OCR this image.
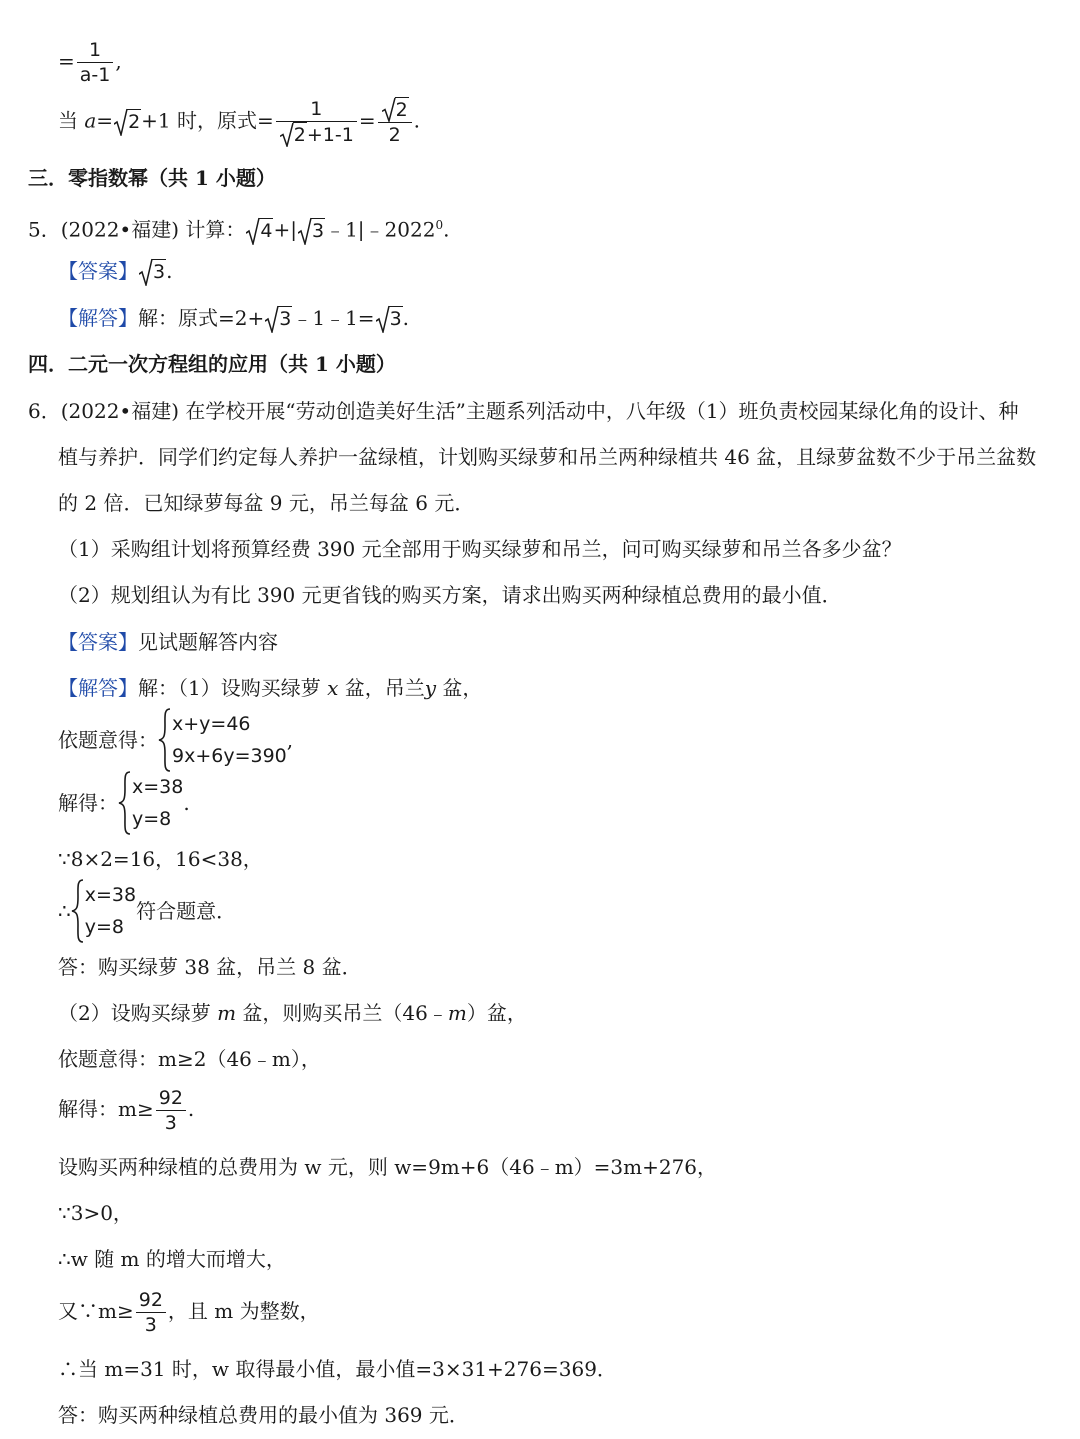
= $\frac{1}{a-1}$ ,
当 a= 2+1 时，原式= $\frac{1}{2+1-1} = \frac{2}{2}$ .
三．零指数幂（共 1 小题）
5．(2022•福建) 计算： 4+| 3﹣1|﹣2022$^0$.
【答案】 3.
【解答】解：原式=2+ 3﹣1﹣1= 3.
四．二元一次方程组的应用（共 1 小题）
6．(2022•福建) 在学校开展“劳动创造美好生活”主题系列活动中，八年级（1）班负责校园某绿化角的设计、种
植与养护．同学们约定每人养护一盆绿植，计划购买绿萝和吊兰两种绿植共 46 盆，且绿萝盆数不少于吊兰盆数
的 2 倍．已知绿萝每盆 9 元，吊兰每盆 6 元．
（1）采购组计划将预算经费 390 元全部用于购买绿萝和吊兰，问可购买绿萝和吊兰各多少盆？
（2）规划组认为有比 390 元更省钱的购买方案，请求出购买两种绿植总费用的最小值．
【答案】见试题解答内容
【解答】解：（1）设购买绿萝 x 盆，吊兰y 盆，
依题意得：
x+y=46
9x+6y=390
,
解得：
x=38
y=8
.
∵8×2=16，16<38，
∴
x=38
y=8
符合题意．
答：购买绿萝 38 盆，吊兰 8 盆．
（2）设购买绿萝 m 盆，则购买吊兰（46﹣m）盆，
依题意得：m≥2（46﹣m），
解得：$m\ge \frac{92}{3}$ .
设购买两种绿植的总费用为 w 元，则 w=9m+6（46﹣m）=3m+276，
∵3>0，
∴w 随 m 的增大而增大，
又∵m≥ $\frac{92}{3}$ ，且 m 为整数，
∴当 m=31 时，w 取得最小值，最小值=3×31+276=369．
答：购买两种绿植总费用的最小值为 369 元．
